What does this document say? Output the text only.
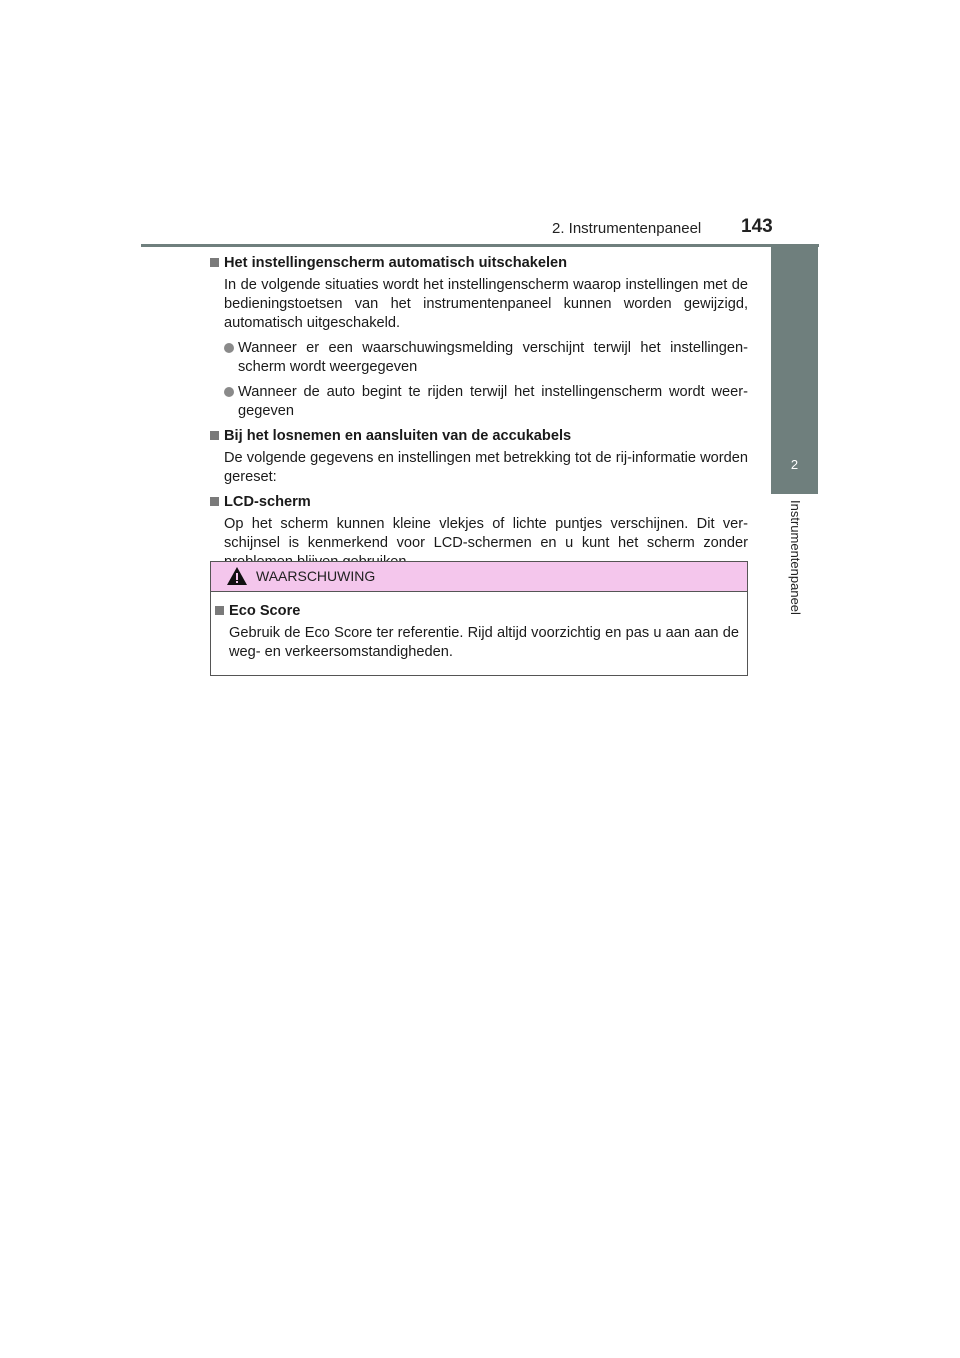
2. Instrumentenpaneel 143
2
Instrumentenpaneel
Het instellingenscherm automatisch uitschakelen
In de volgende situaties wordt het instellingenscherm waarop instellingen met de bedieningstoetsen van het instrumentenpaneel kunnen worden gewijzigd, automatisch uitgeschakeld.
Wanneer er een waarschuwingsmelding verschijnt terwijl het instellingen-scherm wordt weergegeven
Wanneer de auto begint te rijden terwijl het instellingenscherm wordt weer-gegeven
Bij het losnemen en aansluiten van de accukabels
De volgende gegevens en instellingen met betrekking tot de rij-informatie worden gereset:
LCD-scherm
Op het scherm kunnen kleine vlekjes of lichte puntjes verschijnen. Dit ver-schijnsel is kenmerkend voor LCD-schermen en u kunt het scherm zonder
WAARSCHUWING
Eco Score
Gebruik de Eco Score ter referentie. Rijd altijd voorzichtig en pas u aan aan de weg- en verkeersomstandigheden.
